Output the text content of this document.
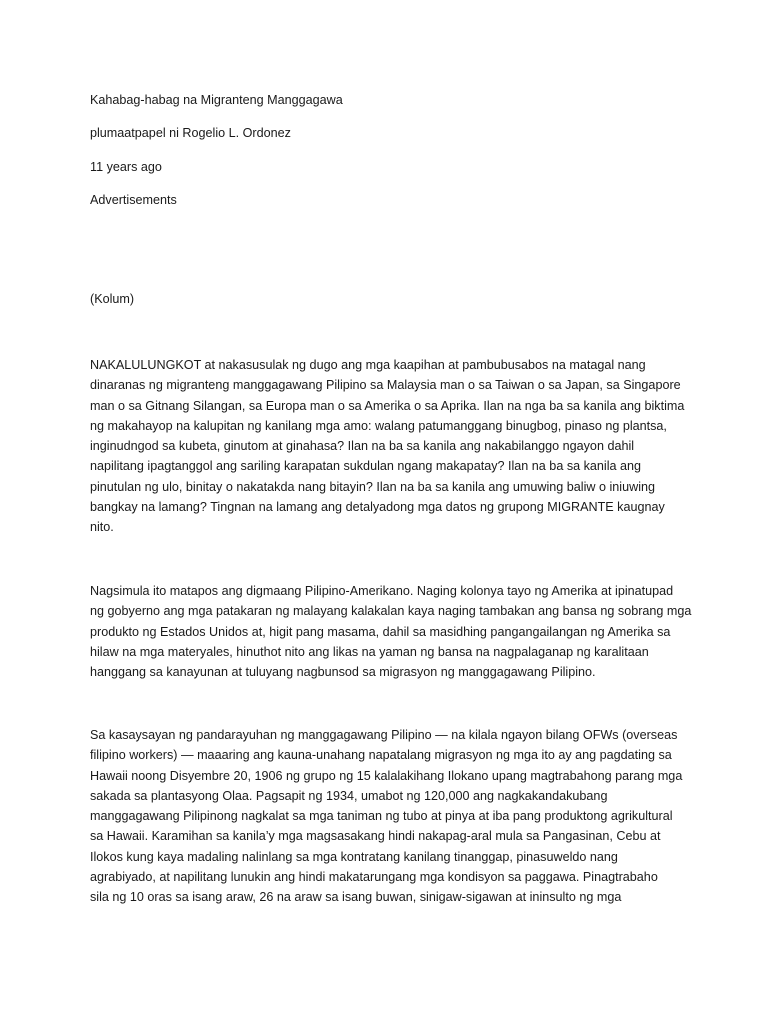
Kahabag-habag na Migranteng Manggagawa

plumaatpapel ni Rogelio L. Ordonez

11 years ago

Advertisements

(Kolum)

NAKALULUNGKOT at nakasusulak ng dugo ang mga kaapihan at pambubusabos na matagal nang
dinaranas ng migranteng manggagawang Pilipino sa Malaysia man o sa Taiwan o sa Japan, sa Singapore
man o sa Gitnang Silangan, sa Europa man o sa Amerika o sa Aprika. Ilan na nga ba sa kanila ang biktima
ng makahayop na kalupitan ng kanilang mga amo: walang patumanggang binugbog, pinaso ng plantsa,
inginudngod sa kubeta, ginutom at ginahasa? Ilan na ba sa kanila ang nakabilanggo ngayon dahil
napilitang ipagtanggol ang sariling karapatan sukdulan ngang makapatay? Ilan na ba sa kanila ang
pinutulan ng ulo, binitay o nakatakda nang bitayin? Ilan na ba sa kanila ang umuwing baliw o iniuwing
bangkay na lamang? Tingnan na lamang ang detalyadong mga datos ng grupong MIGRANTE kaugnay
nito.
Nagsimula ito matapos ang digmaang Pilipino-Amerikano. Naging kolonya tayo ng Amerika at ipinatupad
ng gobyerno ang mga patakaran ng malayang kalakalan kaya naging tambakan ang bansa ng sobrang mga
produkto ng Estados Unidos at, higit pang masama, dahil sa masidhing pangangailangan ng Amerika sa
hilaw na mga materyales, hinuthot nito ang likas na yaman ng bansa na nagpalaganap ng karalitaan
hanggang sa kanayunan at tuluyang nagbunsod sa migrasyon ng manggagawang Pilipino.
Sa kasaysayan ng pandarayuhan ng manggagawang Pilipino — na kilala ngayon bilang OFWs (overseas
filipino workers) — maaaring ang kauna-unahang napatalang migrasyon ng mga ito ay ang pagdating sa
Hawaii noong Disyembre 20, 1906 ng grupo ng 15 kalalakihang Ilokano upang magtrabahong parang mga
sakada sa plantasyong Olaa. Pagsapit ng 1934, umabot ng 120,000 ang nagkakandakubang
manggagawang Pilipinong nagkalat sa mga taniman ng tubo at pinya at iba pang produktong agrikultural
sa Hawaii. Karamihan sa kanila’y mga magsasakang hindi nakapag-aral mula sa Pangasinan, Cebu at
Ilokos kung kaya madaling nalinlang sa mga kontratang kanilang tinanggap, pinasuweldo nang
agrabiyado, at napilitang lunukin ang hindi makatarungang mga kondisyon sa paggawa. Pinagtrabaho
sila ng 10 oras sa isang araw, 26 na araw sa isang buwan, sinigaw-sigawan at ininsulto ng mga
